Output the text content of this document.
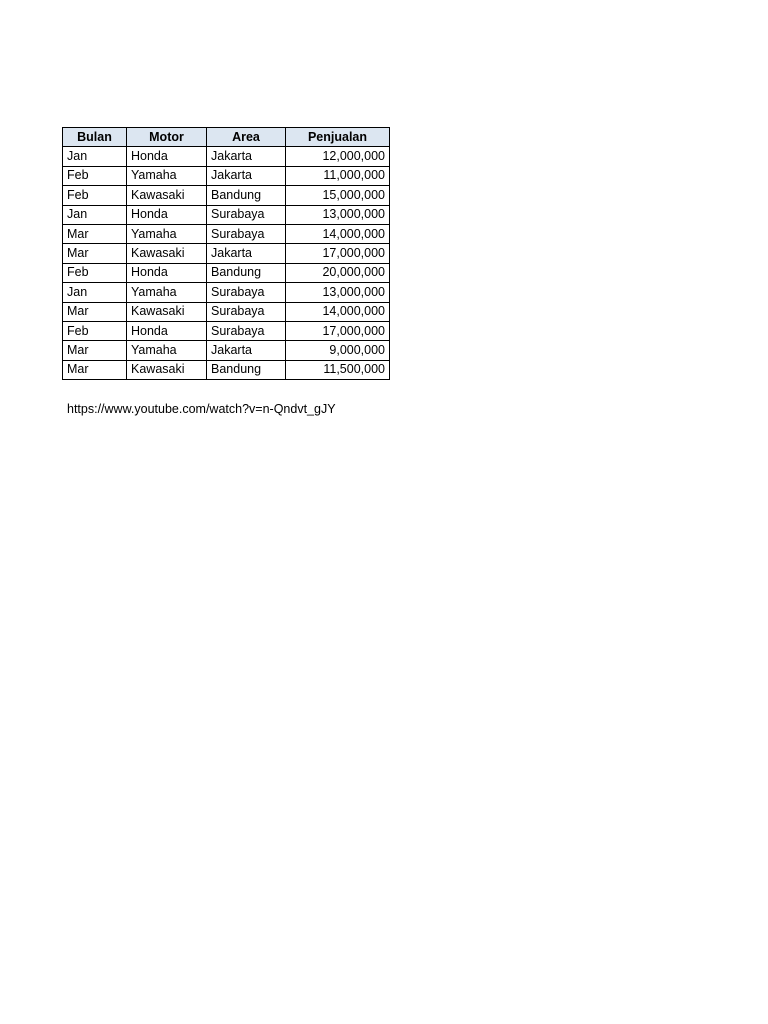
Bulan	Motor	Area	Penjualan
Jan	Honda	Jakarta	12,000,000
Feb	Yamaha	Jakarta	11,000,000
Feb	Kawasaki	Bandung	15,000,000
Jan	Honda	Surabaya	13,000,000
Mar	Yamaha	Surabaya	14,000,000
Mar	Kawasaki	Jakarta	17,000,000
Feb	Honda	Bandung	20,000,000
Jan	Yamaha	Surabaya	13,000,000
Mar	Kawasaki	Surabaya	14,000,000
Feb	Honda	Surabaya	17,000,000
Mar	Yamaha	Jakarta	9,000,000
Mar	Kawasaki	Bandung	11,500,000
https://www.youtube.com/watch?v=n-Qndvt_gJY
